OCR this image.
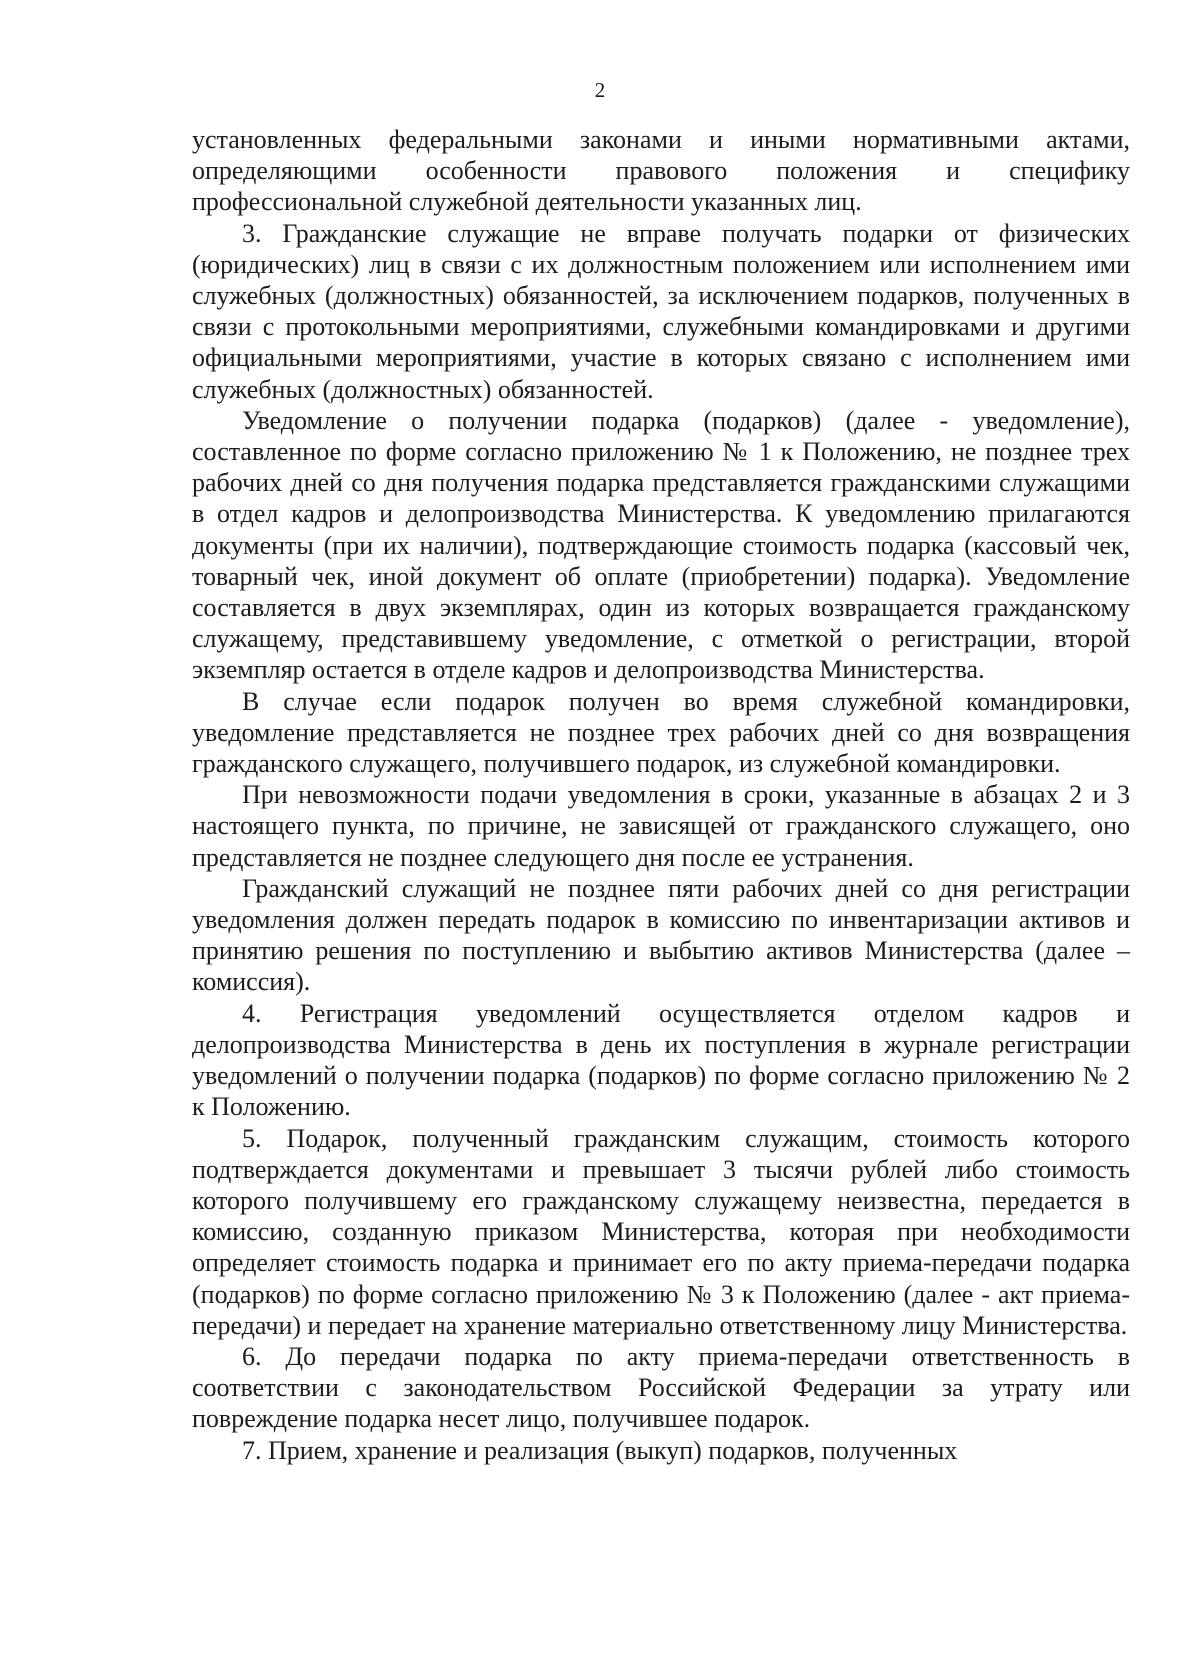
2

установленных федеральными законами и иными нормативными актами, определяющими особенности правового положения и специфику профессиональной служебной деятельности указанных лиц.

3. Гражданские служащие не вправе получать подарки от физических (юридических) лиц в связи с их должностным положением или исполнением ими служебных (должностных) обязанностей, за исключением подарков, полученных в связи с протокольными мероприятиями, служебными командировками и другими официальными мероприятиями, участие в которых связано с исполнением ими служебных (должностных) обязанностей.

Уведомление о получении подарка (подарков) (далее - уведомление), составленное по форме согласно приложению № 1 к Положению, не позднее трех рабочих дней со дня получения подарка представляется гражданскими служащими в отдел кадров и делопроизводства Министерства. К уведомлению прилагаются документы (при их наличии), подтверждающие стоимость подарка (кассовый чек, товарный чек, иной документ об оплате (приобретении) подарка). Уведомление составляется в двух экземплярах, один из которых возвращается гражданскому служащему, представившему уведомление, с отметкой о регистрации, второй экземпляр остается в отделе кадров и делопроизводства Министерства.

В случае если подарок получен во время служебной командировки, уведомление представляется не позднее трех рабочих дней со дня возвращения гражданского служащего, получившего подарок, из служебной командировки.

При невозможности подачи уведомления в сроки, указанные в абзацах 2 и 3 настоящего пункта, по причине, не зависящей от гражданского служащего, оно представляется не позднее следующего дня после ее устранения.

Гражданский служащий не позднее пяти рабочих дней со дня регистрации уведомления должен передать подарок в комиссию по инвентаризации активов и принятию решения по поступлению и выбытию активов Министерства (далее – комиссия).

4. Регистрация уведомлений осуществляется отделом кадров и делопроизводства Министерства в день их поступления в журнале регистрации уведомлений о получении подарка (подарков) по форме согласно приложению № 2 к Положению.

5. Подарок, полученный гражданским служащим, стоимость которого подтверждается документами и превышает 3 тысячи рублей либо стоимость которого получившему его гражданскому служащему неизвестна, передается в комиссию, созданную приказом Министерства, которая при необходимости определяет стоимость подарка и принимает его по акту приема-передачи подарка (подарков) по форме согласно приложению № 3 к Положению (далее - акт приема-передачи) и передает на хранение материально ответственному лицу Министерства.

6. До передачи подарка по акту приема-передачи ответственность в соответствии с законодательством Российской Федерации за утрату или повреждение подарка несет лицо, получившее подарок.

7. Прием, хранение и реализация (выкуп) подарков, полученных
